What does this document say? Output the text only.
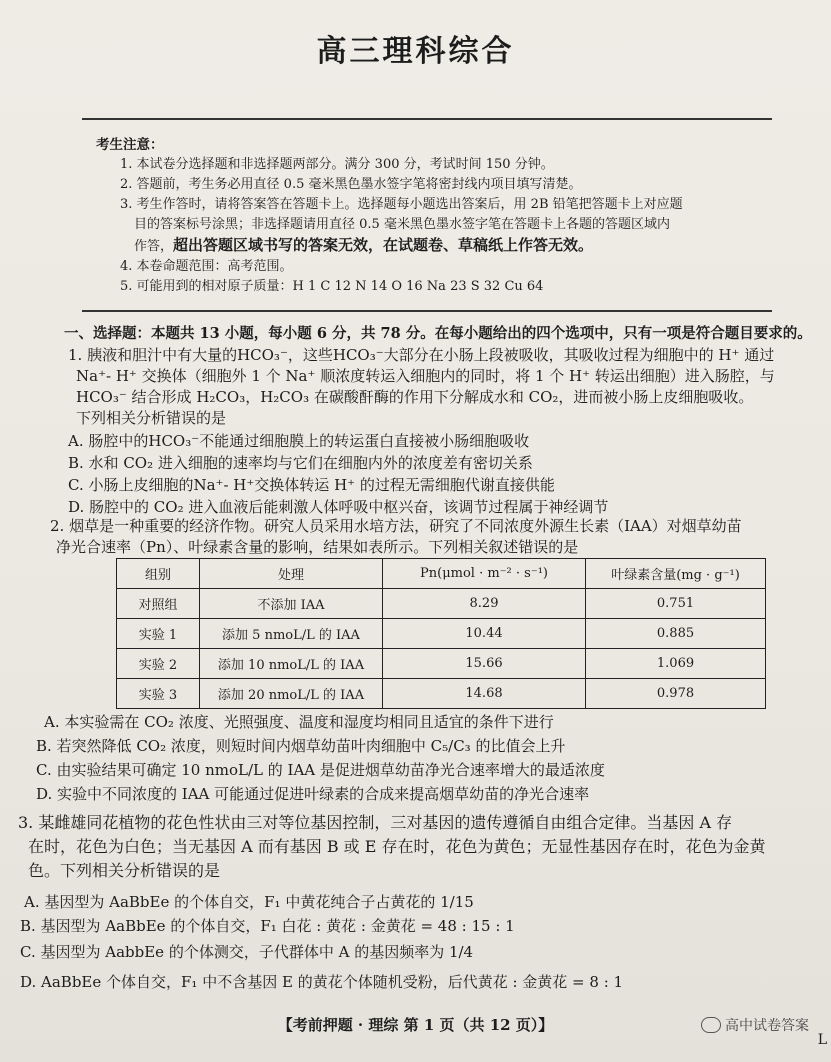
高三理科综合
考生注意：
1. 本试卷分选择题和非选择题两部分。满分 300 分，考试时间 150 分钟。
2. 答题前，考生务必用直径 0.5 毫米黑色墨水签字笔将密封线内项目填写清楚。
3. 考生作答时，请将答案答在答题卡上。选择题每小题选出答案后，用 2B 铅笔把答题卡上对应题
目的答案标号涂黑；非选择题请用直径 0.5 毫米黑色墨水签字笔在答题卡上各题的答题区域内
作答，超出答题区域书写的答案无效，在试题卷、草稿纸上作答无效。
4. 本卷命题范围：高考范围。
5. 可能用到的相对原子质量：H 1 C 12 N 14 O 16 Na 23 S 32 Cu 64
一、选择题：本题共 13 小题，每小题 6 分，共 78 分。在每小题给出的四个选项中，只有一项是符合题目要求的。
1. 胰液和胆汁中有大量的HCO₃⁻，这些HCO₃⁻大部分在小肠上段被吸收，其吸收过程为细胞中的 H⁺ 通过
Na⁺- H⁺ 交换体（细胞外 1 个 Na⁺ 顺浓度转运入细胞内的同时，将 1 个 H⁺ 转运出细胞）进入肠腔，与
HCO₃⁻ 结合形成 H₂CO₃，H₂CO₃ 在碳酸酐酶的作用下分解成水和 CO₂，进而被小肠上皮细胞吸收。
下列相关分析错误的是
A. 肠腔中的HCO₃⁻不能通过细胞膜上的转运蛋白直接被小肠细胞吸收
B. 水和 CO₂ 进入细胞的速率均与它们在细胞内外的浓度差有密切关系
C. 小肠上皮细胞的Na⁺- H⁺交换体转运 H⁺ 的过程无需细胞代谢直接供能
D. 肠腔中的 CO₂ 进入血液后能刺激人体呼吸中枢兴奋，该调节过程属于神经调节
2. 烟草是一种重要的经济作物。研究人员采用水培方法，研究了不同浓度外源生长素（IAA）对烟草幼苗
净光合速率（Pn）、叶绿素含量的影响，结果如表所示。下列相关叙述错误的是
组别	处理	Pn(μmol · m⁻² · s⁻¹)	叶绿素含量(mg · g⁻¹)
对照组	不添加 IAA	8.29	0.751
实验 1	添加 5 nmoL/L 的 IAA	10.44	0.885
实验 2	添加 10 nmoL/L 的 IAA	15.66	1.069
实验 3	添加 20 nmoL/L 的 IAA	14.68	0.978
A. 本实验需在 CO₂ 浓度、光照强度、温度和湿度均相同且适宜的条件下进行
B. 若突然降低 CO₂ 浓度，则短时间内烟草幼苗叶肉细胞中 C₅/C₃ 的比值会上升
C. 由实验结果可确定 10 nmoL/L 的 IAA 是促进烟草幼苗净光合速率增大的最适浓度
D. 实验中不同浓度的 IAA 可能通过促进叶绿素的合成来提高烟草幼苗的净光合速率
3. 某雌雄同花植物的花色性状由三对等位基因控制，三对基因的遗传遵循自由组合定律。当基因 A 存
在时，花色为白色；当无基因 A 而有基因 B 或 E 存在时，花色为黄色；无显性基因存在时，花色为金黄
色。下列相关分析错误的是
A. 基因型为 AaBbEe 的个体自交，F₁ 中黄花纯合子占黄花的 1/15
B. 基因型为 AaBbEe 的个体自交，F₁ 白花 : 黄花 : 金黄花 = 48 : 15 : 1
C. 基因型为 AabbEe 的个体测交，子代群体中 A 的基因频率为 1/4
D. AaBbEe 个体自交，F₁ 中不含基因 E 的黄花个体随机受粉，后代黄花 : 金黄花 = 8 : 1
【考前押题 · 理综 第 1 页（共 12 页）】	高中试卷答案
L
